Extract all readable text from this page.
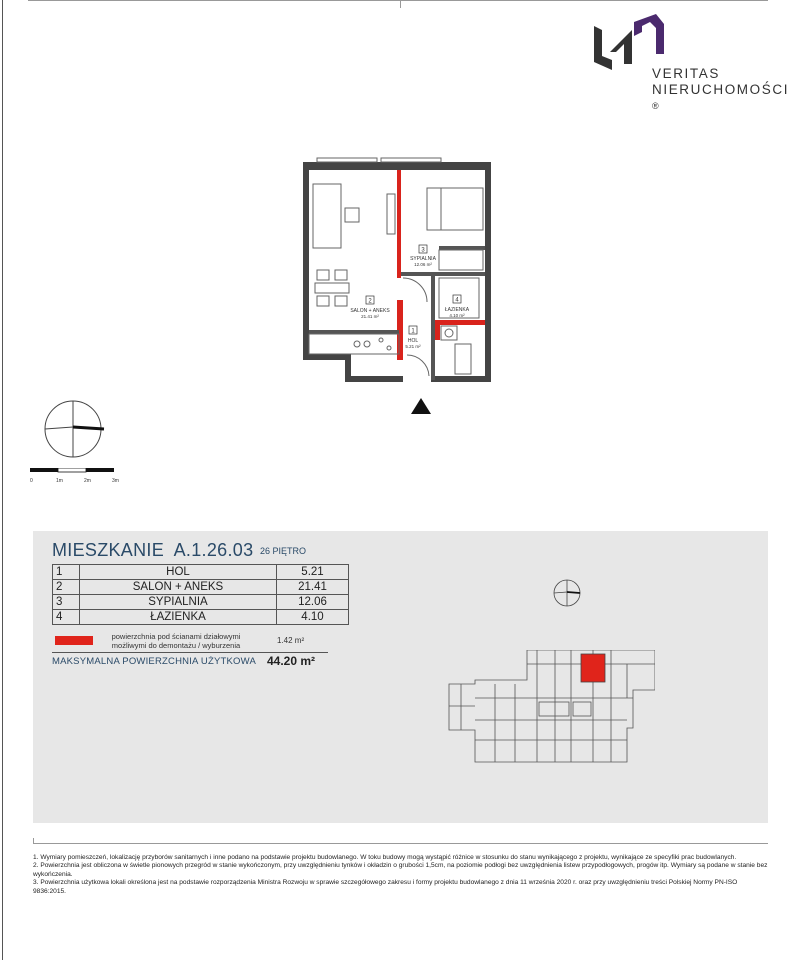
VERITAS
NIERUCHOMOŚCI ®
3
SYPIALNIA
12.06 m²
2
SALON + ANEKS
21.41 m²
4
ŁAZIENKA
4.10 m²
1
HOL
5.21 m²
0	1m	2m	3m
MIESZKANIE  A.1.26.03 26 PIĘTRO
1	HOL	5.21
2	SALON + ANEKS	21.41
3	SYPIALNIA	12.06
4	ŁAZIENKA	4.10
powierzchnia pod ścianami działowymi możliwymi do demontażu / wyburzenia
1.42 m²
MAKSYMALNA POWIERZCHNIA UŻYTKOWA 44.20 m²
1. Wymiary pomieszczeń, lokalizację przyborów sanitarnych i inne podano na podstawie projektu budowlanego. W toku budowy mogą wystąpić różnice w stosunku do stanu wynikającego z projektu, wynikające ze specyfiki prac budowlanych.
2. Powierzchnia jest obliczona w świetle pionowych przegród w stanie wykończonym, przy uwzględnieniu tynków i okładzin o grubości 1,5cm, na poziomie podłogi bez uwzględnienia listew przypodłogowych, progów itp. Wymiary są podane w stanie bez wykończenia.
3. Powierzchnia użytkowa lokali określona jest na podstawie rozporządzenia Ministra Rozwoju w sprawie szczegółowego zakresu i formy projektu budowlanego z dnia 11 września 2020 r. oraz przy uwzględnieniu treści Polskiej Normy PN-ISO 9836:2015.
